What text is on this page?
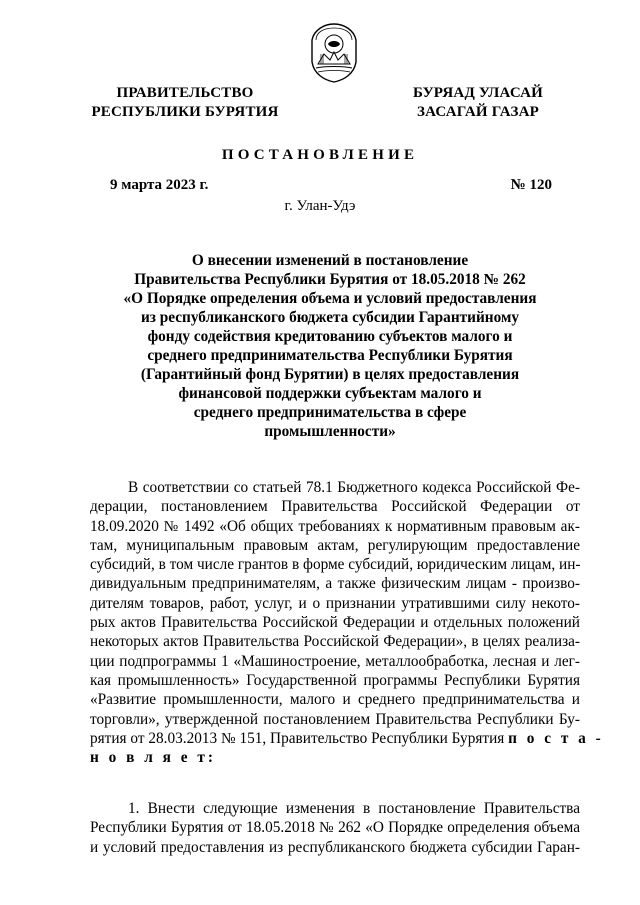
ПРАВИТЕЛЬСТВО
РЕСПУБЛИКИ БУРЯТИЯ
БУРЯАД УЛАСАЙ
ЗАСАГАЙ ГАЗАР
ПОСТАНОВЛЕНИЕ
9 марта 2023 г.	№ 120
г. Улан-Удэ
О внесении изменений в постановление
Правительства Республики Бурятия от 18.05.2018 № 262
«О Порядке определения объема и условий предоставления
из республиканского бюджета субсидии Гарантийному
фонду содействия кредитованию субъектов малого и
среднего предпринимательства Республики Бурятия
(Гарантийный фонд Бурятии) в целях предоставления
финансовой поддержки субъектам малого и
среднего предпринимательства в сфере
промышленности»
В соответствии со статьей 78.1 Бюджетного кодекса Российской Фе-
дерации, постановлением Правительства Российской Федерации от
18.09.2020 № 1492 «Об общих требованиях к нормативным правовым ак-
там, муниципальным правовым актам, регулирующим предоставление
субсидий, в том числе грантов в форме субсидий, юридическим лицам, ин-
дивидуальным предпринимателям, а также физическим лицам - произво-
дителям товаров, работ, услуг, и о признании утратившими силу некото-
рых актов Правительства Российской Федерации и отдельных положений
некоторых актов Правительства Российской Федерации», в целях реализа-
ции подпрограммы 1 «Машиностроение, металлообработка, лесная и лег-
кая промышленность» Государственной программы Республики Бурятия
«Развитие промышленности, малого и среднего предпринимательства и
торговли», утвержденной постановлением Правительства Республики Бу-
рятия от 28.03.2013 № 151, Правительство Республики Бурятия п о с т а -
н о в л я е т:
1. Внести следующие изменения в постановление Правительства
Республики Бурятия от 18.05.2018 № 262 «О Порядке определения объема
и условий предоставления из республиканского бюджета субсидии Гаран-
